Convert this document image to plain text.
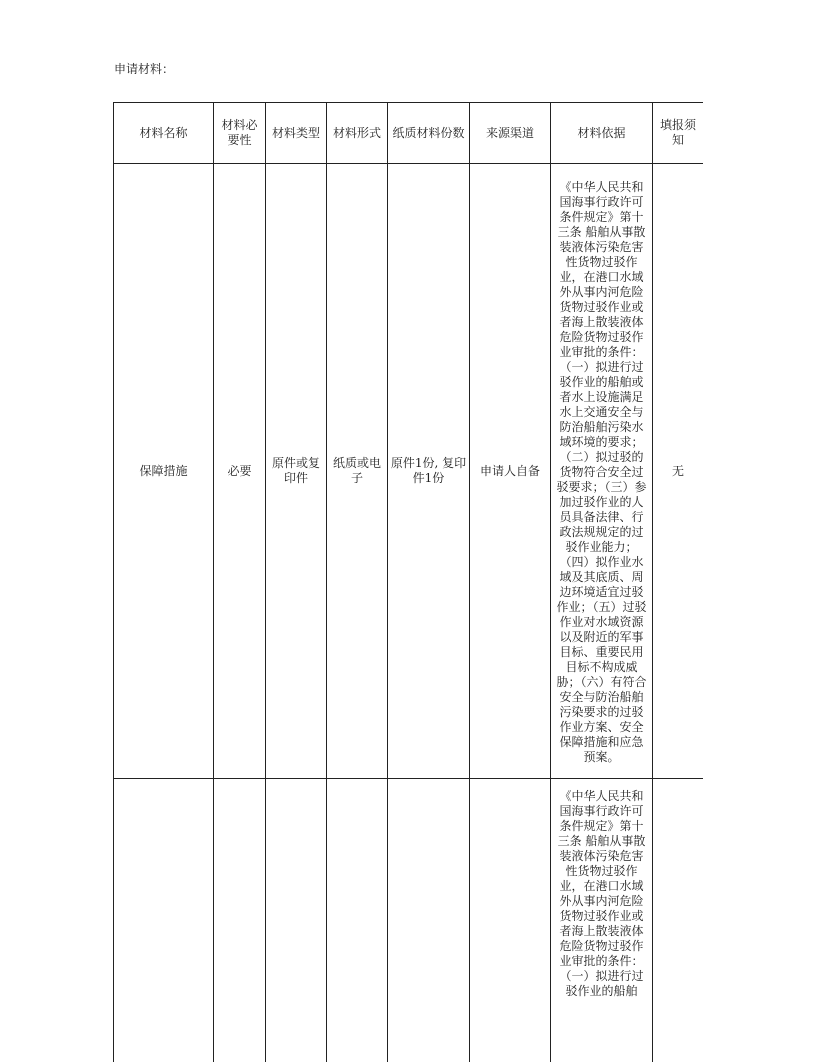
申请材料：
材料名称	材料必要性	材料类型	材料形式	纸质材料份数	来源渠道	材料依据	填报须知
保障措施	必要	原件或复印件	纸质或电子	原件1份, 复印件1份	申请人自备	《中华人民共和国海事行政许可条件规定》第十三条 船舶从事散装液体污染危害性货物过驳作业，在港口水域外从事内河危险货物过驳作业或者海上散装液体危险货物过驳作业审批的条件：（一）拟进行过驳作业的船舶或者水上设施满足水上交通安全与防治船舶污染水域环境的要求；（二）拟过驳的货物符合安全过驳要求；（三）参加过驳作业的人员具备法律、行政法规规定的过驳作业能力；（四）拟作业水域及其底质、周边环境适宜过驳作业；（五）过驳作业对水域资源以及附近的军事目标、重要民用目标不构成威胁；（六）有符合安全与防治船舶污染要求的过驳作业方案、安全保障措施和应急预案。	无
						《中华人民共和国海事行政许可条件规定》第十三条 船舶从事散装液体污染危害性货物过驳作业，在港口水域外从事内河危险货物过驳作业或者海上散装液体危险货物过驳作业审批的条件：（一）拟进行过驳作业的船舶	
